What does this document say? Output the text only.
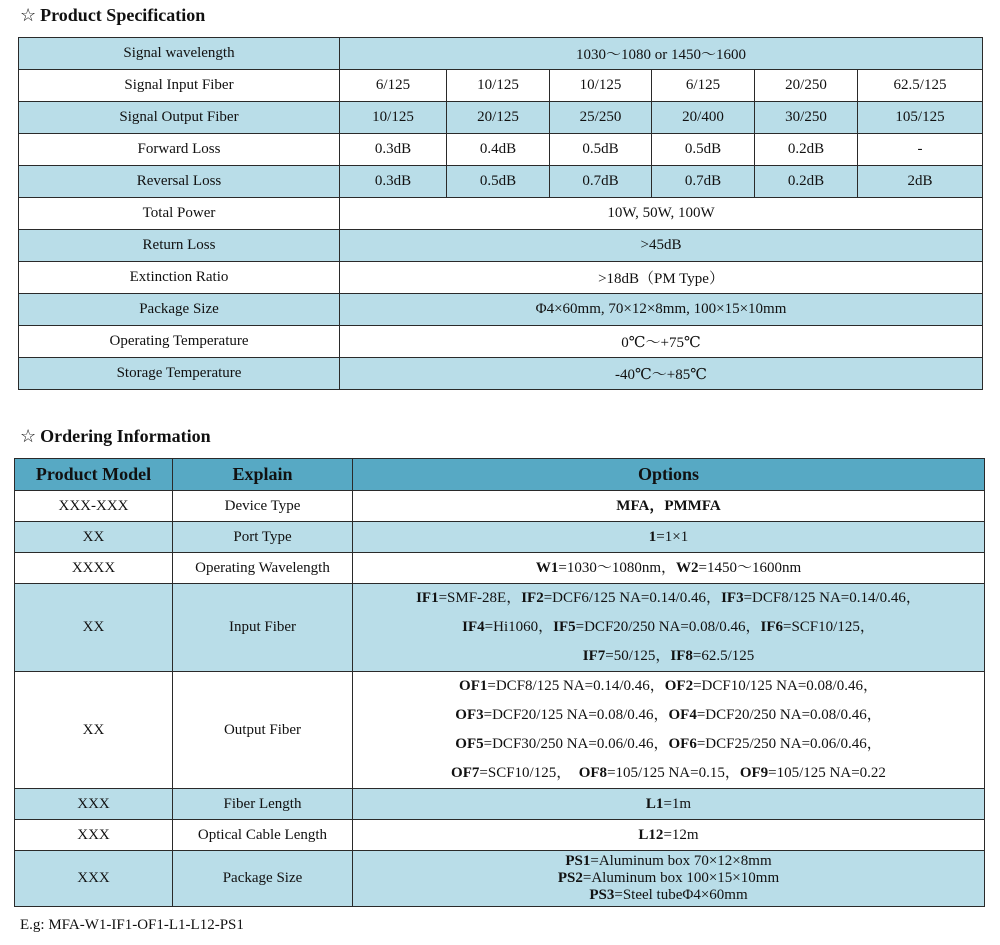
☆ Product Specification
Signal wavelength	1030～1080 or 1450～1600					
Signal Input Fiber	6/125	10/125	10/125	6/125	20/250	62.5/125
Signal Output Fiber	10/125	20/125	25/250	20/400	30/250	105/125
Forward Loss	0.3dB	0.4dB	0.5dB	0.5dB	0.2dB	-
Reversal Loss	0.3dB	0.5dB	0.7dB	0.7dB	0.2dB	2dB
Total Power	10W, 50W, 100W					
Return Loss	>45dB					
Extinction Ratio	>18dB（PM Type）					
Package Size	Φ4×60mm, 70×12×8mm, 100×15×10mm					
Operating Temperature	0℃～+75℃					
Storage Temperature	-40℃～+85℃					
☆ Ordering Information
Product Model	Explain	Options
XXX-XXX	Device Type	MFA，PMMFA

XX	Port Type	1=1×1

XXXX	Operating Wavelength	W1=1030～1080nm，W2=1450～1600nm

XX	Input Fiber	IF1=SMF-28E，IF2=DCF6/125 NA=0.14/0.46，IF3=DCF8/125 NA=0.14/0.46，
IF4=Hi1060，IF5=DCF20/250 NA=0.08/0.46，IF6=SCF10/125，
IF7=50/125，IF8=62.5/125

XX	Output Fiber	OF1=DCF8/125 NA=0.14/0.46，OF2=DCF10/125 NA=0.08/0.46，
OF3=DCF20/125 NA=0.08/0.46，OF4=DCF20/250 NA=0.08/0.46，
OF5=DCF30/250 NA=0.06/0.46，OF6=DCF25/250 NA=0.06/0.46，
OF7=SCF10/125，  OF8=105/125 NA=0.15，OF9=105/125 NA=0.22

XXX	Fiber Length	L1=1m

XXX	Optical Cable Length	L12=12m

XXX	Package Size	PS1=Aluminum box 70×12×8mm
PS2=Aluminum box 100×15×10mm
PS3=Steel tubeΦ4×60mm
E.g: MFA-W1-IF1-OF1-L1-L12-PS1
